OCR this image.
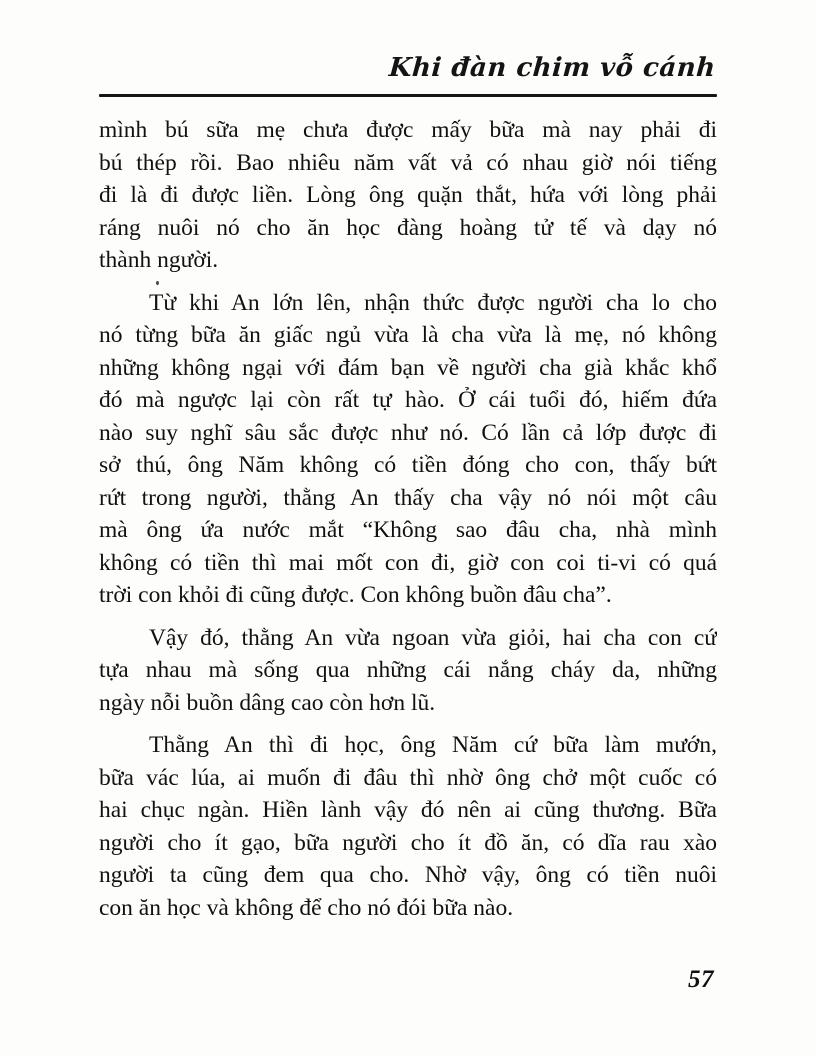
Khi đàn chim vỗ cánh
mình bú sữa mẹ chưa được mấy bữa mà nay phải đi
bú thép rồi. Bao nhiêu năm vất vả có nhau giờ nói tiếng
đi là đi được liền. Lòng ông quặn thắt, hứa với lòng phải
ráng nuôi nó cho ăn học đàng hoàng tử tế và dạy nó
thành người.
Từ khi An lớn lên, nhận thức được người cha lo cho
nó từng bữa ăn giấc ngủ vừa là cha vừa là mẹ, nó không
những không ngại với đám bạn về người cha già khắc khổ
đó mà ngược lại còn rất tự hào. Ở cái tuổi đó, hiếm đứa
nào suy nghĩ sâu sắc được như nó. Có lần cả lớp được đi
sở thú, ông Năm không có tiền đóng cho con, thấy bứt
rứt trong người, thằng An thấy cha vậy nó nói một câu
mà ông ứa nước mắt “Không sao đâu cha, nhà mình
không có tiền thì mai mốt con đi, giờ con coi ti-vi có quá
trời con khỏi đi cũng được. Con không buồn đâu cha”.
Vậy đó, thằng An vừa ngoan vừa giỏi, hai cha con cứ
tựa nhau mà sống qua những cái nắng cháy da, những
ngày nỗi buồn dâng cao còn hơn lũ.
Thằng An thì đi học, ông Năm cứ bữa làm mướn,
bữa vác lúa, ai muốn đi đâu thì nhờ ông chở một cuốc có
hai chục ngàn. Hiền lành vậy đó nên ai cũng thương. Bữa
người cho ít gạo, bữa người cho ít đồ ăn, có dĩa rau xào
người ta cũng đem qua cho. Nhờ vậy, ông có tiền nuôi
con ăn học và không để cho nó đói bữa nào.
57
